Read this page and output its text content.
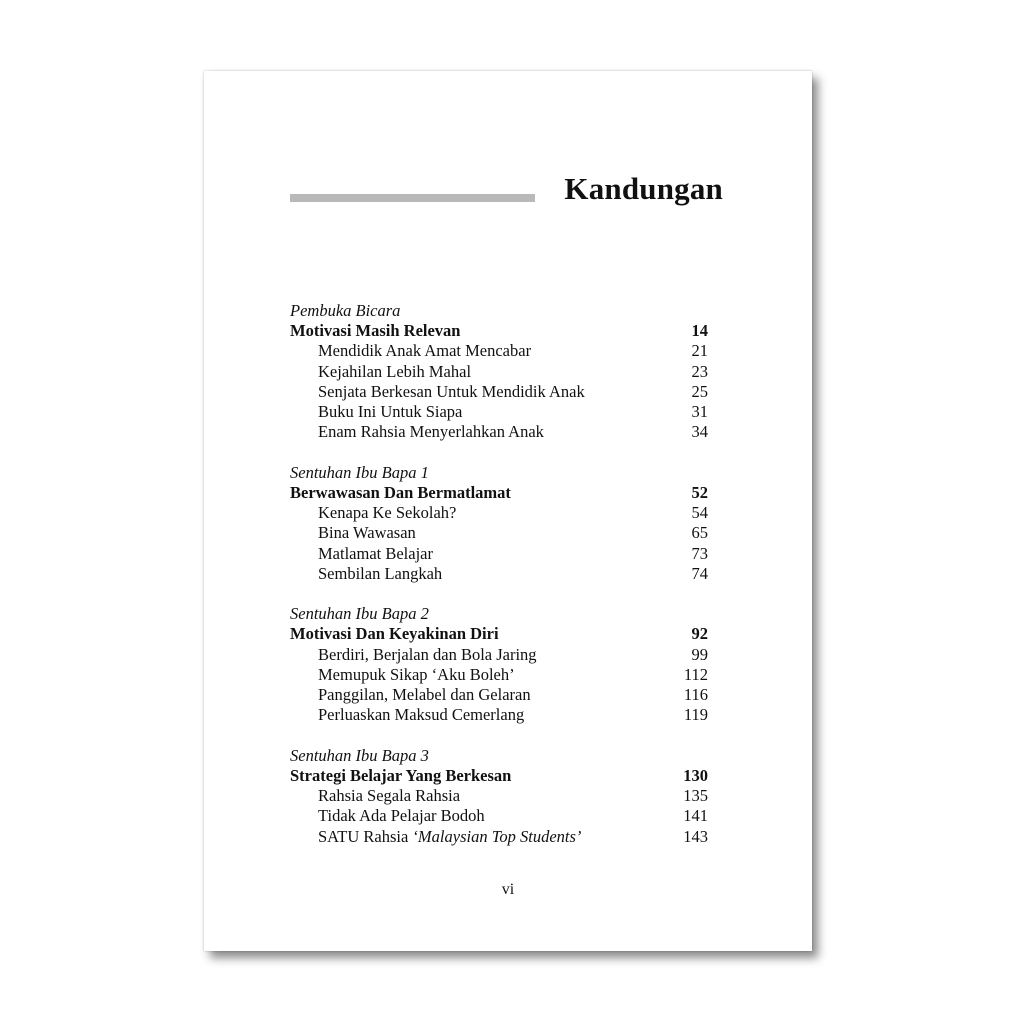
Kandungan
Pembuka Bicara
Motivasi Masih Relevan	14
Mendidik Anak Amat Mencabar	21
Kejahilan Lebih Mahal	23
Senjata Berkesan Untuk Mendidik Anak	25
Buku Ini Untuk Siapa	31
Enam Rahsia Menyerlahkan Anak	34
Sentuhan Ibu Bapa 1
Berwawasan Dan Bermatlamat	52
Kenapa Ke Sekolah?	54
Bina Wawasan	65
Matlamat Belajar	73
Sembilan Langkah	74
Sentuhan Ibu Bapa 2
Motivasi Dan Keyakinan Diri	92
Berdiri, Berjalan dan Bola Jaring	99
Memupuk Sikap ‘Aku Boleh’	112
Panggilan, Melabel dan Gelaran	116
Perluaskan Maksud Cemerlang	119
Sentuhan Ibu Bapa 3
Strategi Belajar Yang Berkesan	130
Rahsia Segala Rahsia	135
Tidak Ada Pelajar Bodoh	141
SATU Rahsia ‘Malaysian Top Students’	143
vi
